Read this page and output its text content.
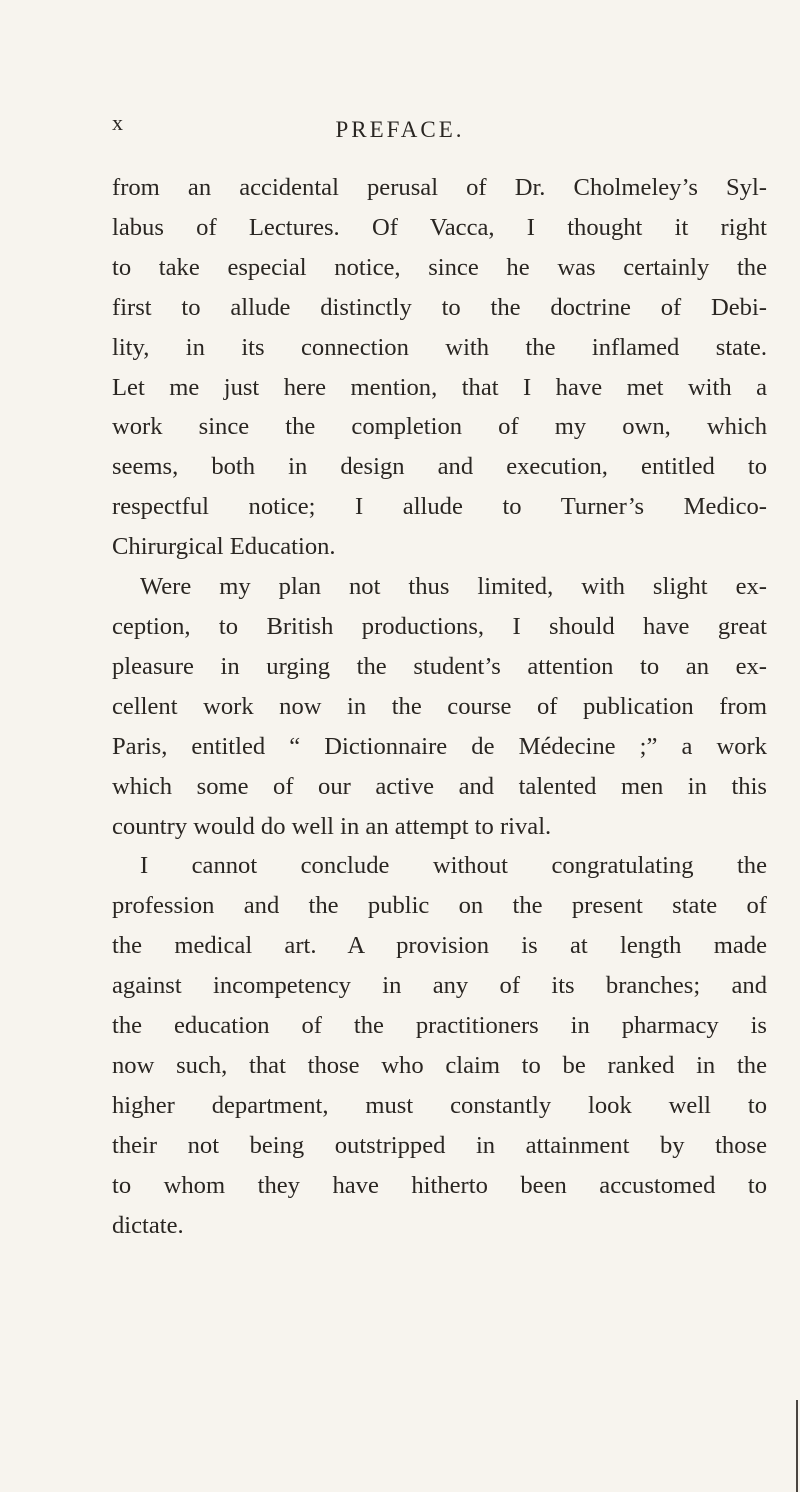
x	PREFACE.
from an accidental perusal of Dr. Cholmeley’s Syl-
labus of Lectures. Of Vacca, I thought it right
to take especial notice, since he was certainly the
first to allude distinctly to the doctrine of Debi-
lity, in its connection with the inflamed state.
Let me just here mention, that I have met with a
work since the completion of my own, which
seems, both in design and execution, entitled to
respectful notice; I allude to Turner’s Medico-
Chirurgical Education.
Were my plan not thus limited, with slight ex-
ception, to British productions, I should have great
pleasure in urging the student’s attention to an ex-
cellent work now in the course of publication from
Paris, entitled “ Dictionnaire de Médecine ;” a work
which some of our active and talented men in this
country would do well in an attempt to rival.
I cannot conclude without congratulating the
profession and the public on the present state of
the medical art. A provision is at length made
against incompetency in any of its branches; and
the education of the practitioners in pharmacy is
now such, that those who claim to be ranked in the
higher department, must constantly look well to
their not being outstripped in attainment by those
to whom they have hitherto been accustomed to
dictate.
